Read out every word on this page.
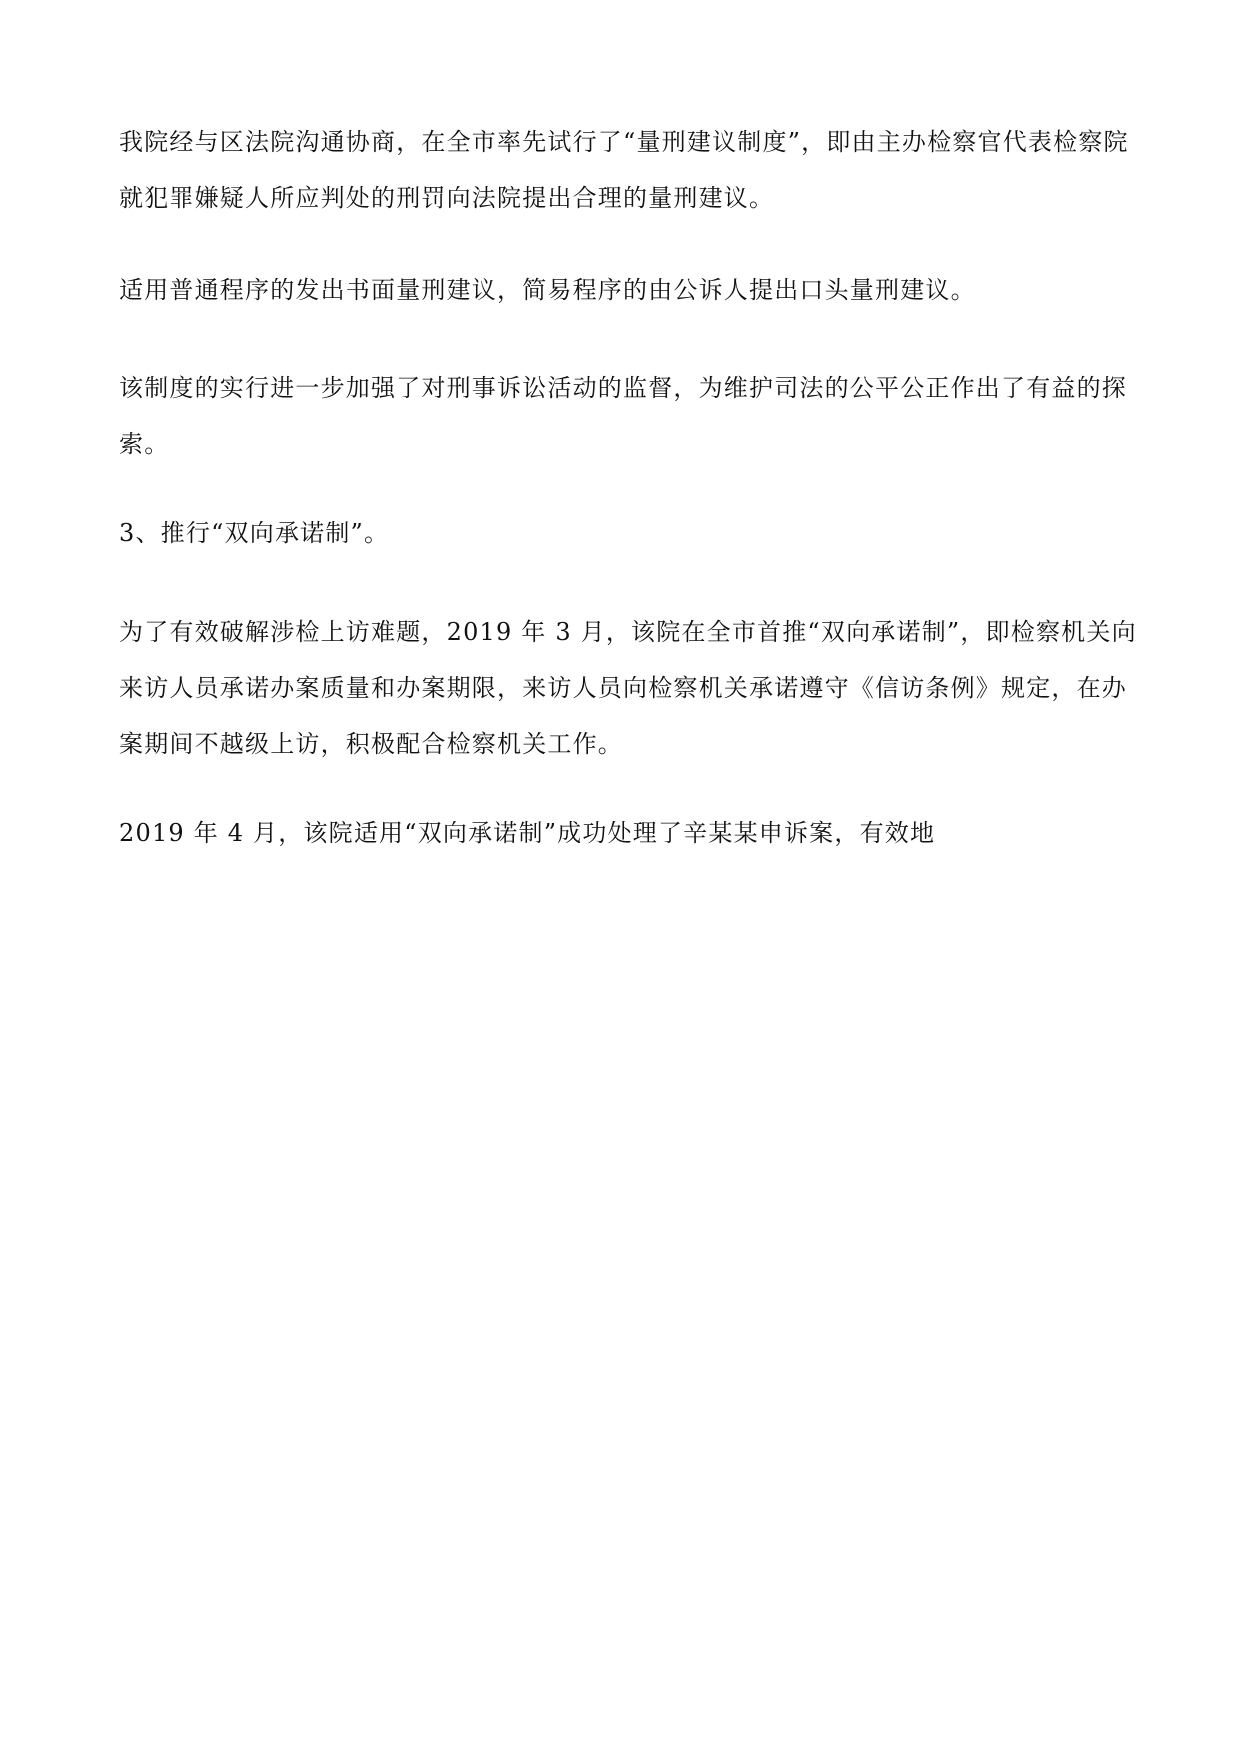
我院经与区法院沟通协商，在全市率先试行了“量刑建议制度”，即由主办检察官代表检察院
就犯罪嫌疑人所应判处的刑罚向法院提出合理的量刑建议。

适用普通程序的发出书面量刑建议，简易程序的由公诉人提出口头量刑建议。

该制度的实行进一步加强了对刑事诉讼活动的监督，为维护司法的公平公正作出了有益的探
索。

3、推行“双向承诺制”。

为了有效破解涉检上访难题，2019 年 3 月，该院在全市首推“双向承诺制”，即检察机关向
来访人员承诺办案质量和办案期限，来访人员向检察机关承诺遵守《信访条例》规定，在办
案期间不越级上访，积极配合检察机关工作。

2019 年 4 月，该院适用“双向承诺制”成功处理了辛某某申诉案，有效地
